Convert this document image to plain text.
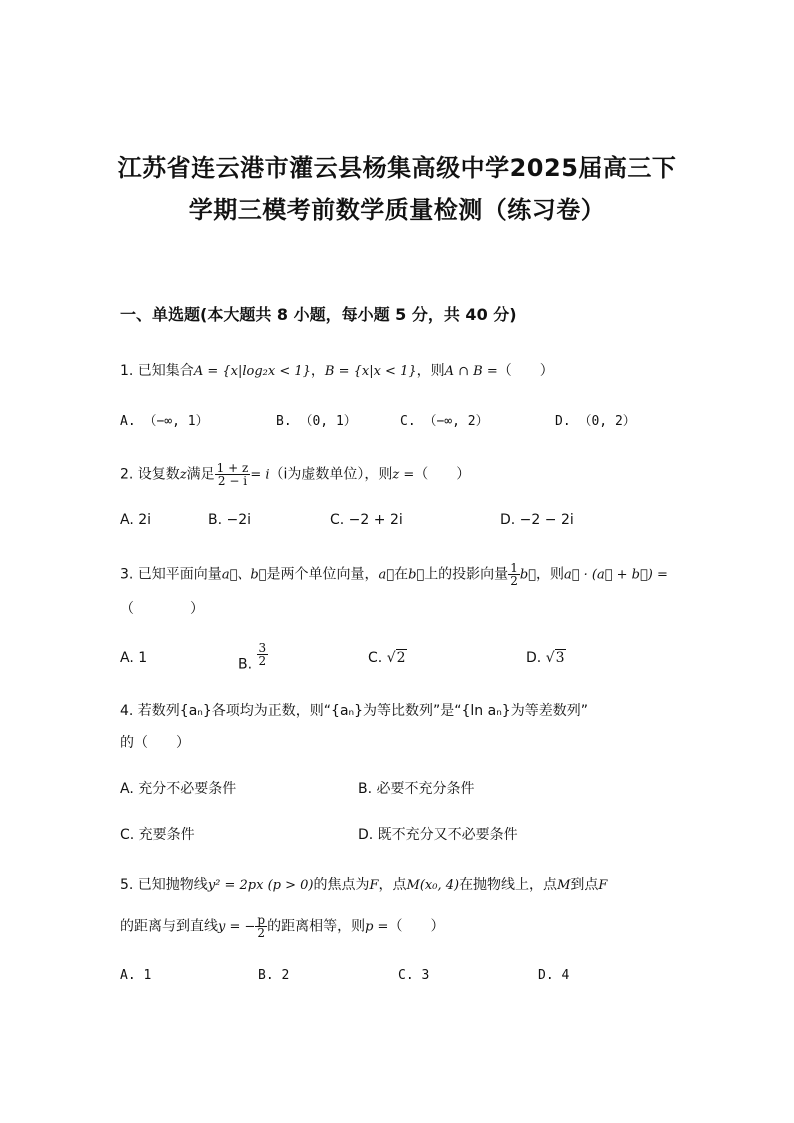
江苏省连云港市灌云县杨集高级中学2025届高三下
学期三模考前数学质量检测（练习卷）
一、单选题(本大题共 8 小题，每小题 5 分，共 40 分)
1. 已知集合A = {x|log₂x < 1}，B = {x|x < 1}，则A ∩ B =（　　）
A. （−∞, 1）	B. （0, 1）	C. （−∞, 2）	D. （0, 2）
2. 设复数z满足 $\frac{1 + z}{2 - i} = i(i$为虚数单位），则z =（　　）
A. 2i	B. −2i	C. −2 + 2i	D. −2 − 2i
3. 已知平面向量a⃗、b⃗是两个单位向量，a⃗在b⃗上的投影向量 $\frac{1}{2}$ b⃗，则a⃗ · (a⃗ + b⃗) =
（　　　　）
A. 1	B. $\frac{3}{2}$	C. √2	D. √3
4. 若数列{aₙ}各项均为正数，则“{aₙ}为等比数列”是“{ln aₙ}为等差数列”
的（　　）
A. 充分不必要条件	B. 必要不充分条件
C. 充要条件	D. 既不充分又不必要条件
5. 已知抛物线y² = 2px (p > 0)的焦点为F，点M(x₀, 4)在抛物线上，点M到点F
的距离与到直线y = − $\frac{p}{2}$ 的距离相等，则p =（　　）
A. 1	B. 2	C. 3	D. 4
